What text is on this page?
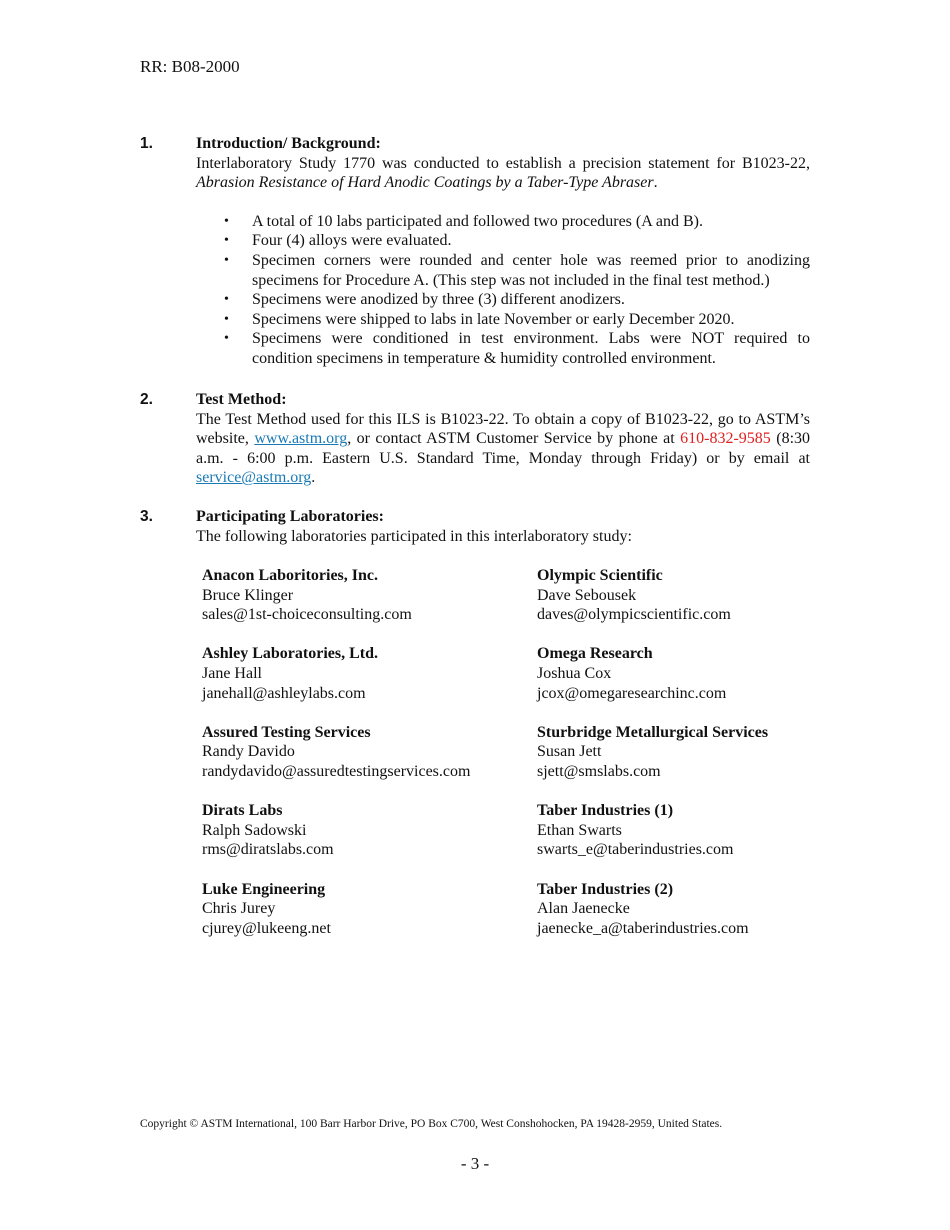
RR: B08-2000
1.	Introduction/ Background:
Interlaboratory Study 1770 was conducted to establish a precision statement for B1023-22, Abrasion Resistance of Hard Anodic Coatings by a Taber-Type Abraser.
• A total of 10 labs participated and followed two procedures (A and B).
• Four (4) alloys were evaluated.
• Specimen corners were rounded and center hole was reemed prior to anodizing specimens for Procedure A. (This step was not included in the final test method.)
• Specimens were anodized by three (3) different anodizers.
• Specimens were shipped to labs in late November or early December 2020.
• Specimens were conditioned in test environment. Labs were NOT required to condition specimens in temperature & humidity controlled environment.
2.	Test Method:
The Test Method used for this ILS is B1023-22. To obtain a copy of B1023-22, go to ASTM’s website, www.astm.org, or contact ASTM Customer Service by phone at 610-832-9585 (8:30 a.m. - 6:00 p.m. Eastern U.S. Standard Time, Monday through Friday) or by email at service@astm.org.
3.	Participating Laboratories:
The following laboratories participated in this interlaboratory study:
Anacon Laboritories, Inc.
Bruce Klinger
sales@1st-choiceconsulting.com
Ashley Laboratories, Ltd.
Jane Hall
janehall@ashleylabs.com
Assured Testing Services
Randy Davido
randydavido@assuredtestingservices.com
Dirats Labs
Ralph Sadowski
rms@diratslabs.com
Luke Engineering
Chris Jurey
cjurey@lukeeng.net
Olympic Scientific
Dave Sebousek
daves@olympicscientific.com
Omega Research
Joshua Cox
jcox@omegaresearchinc.com
Sturbridge Metallurgical Services
Susan Jett
sjett@smslabs.com
Taber Industries (1)
Ethan Swarts
swarts_e@taberindustries.com
Taber Industries (2)
Alan Jaenecke
jaenecke_a@taberindustries.com
Copyright © ASTM International, 100 Barr Harbor Drive, PO Box C700, West Conshohocken, PA 19428-2959, United States.
- 3 -
